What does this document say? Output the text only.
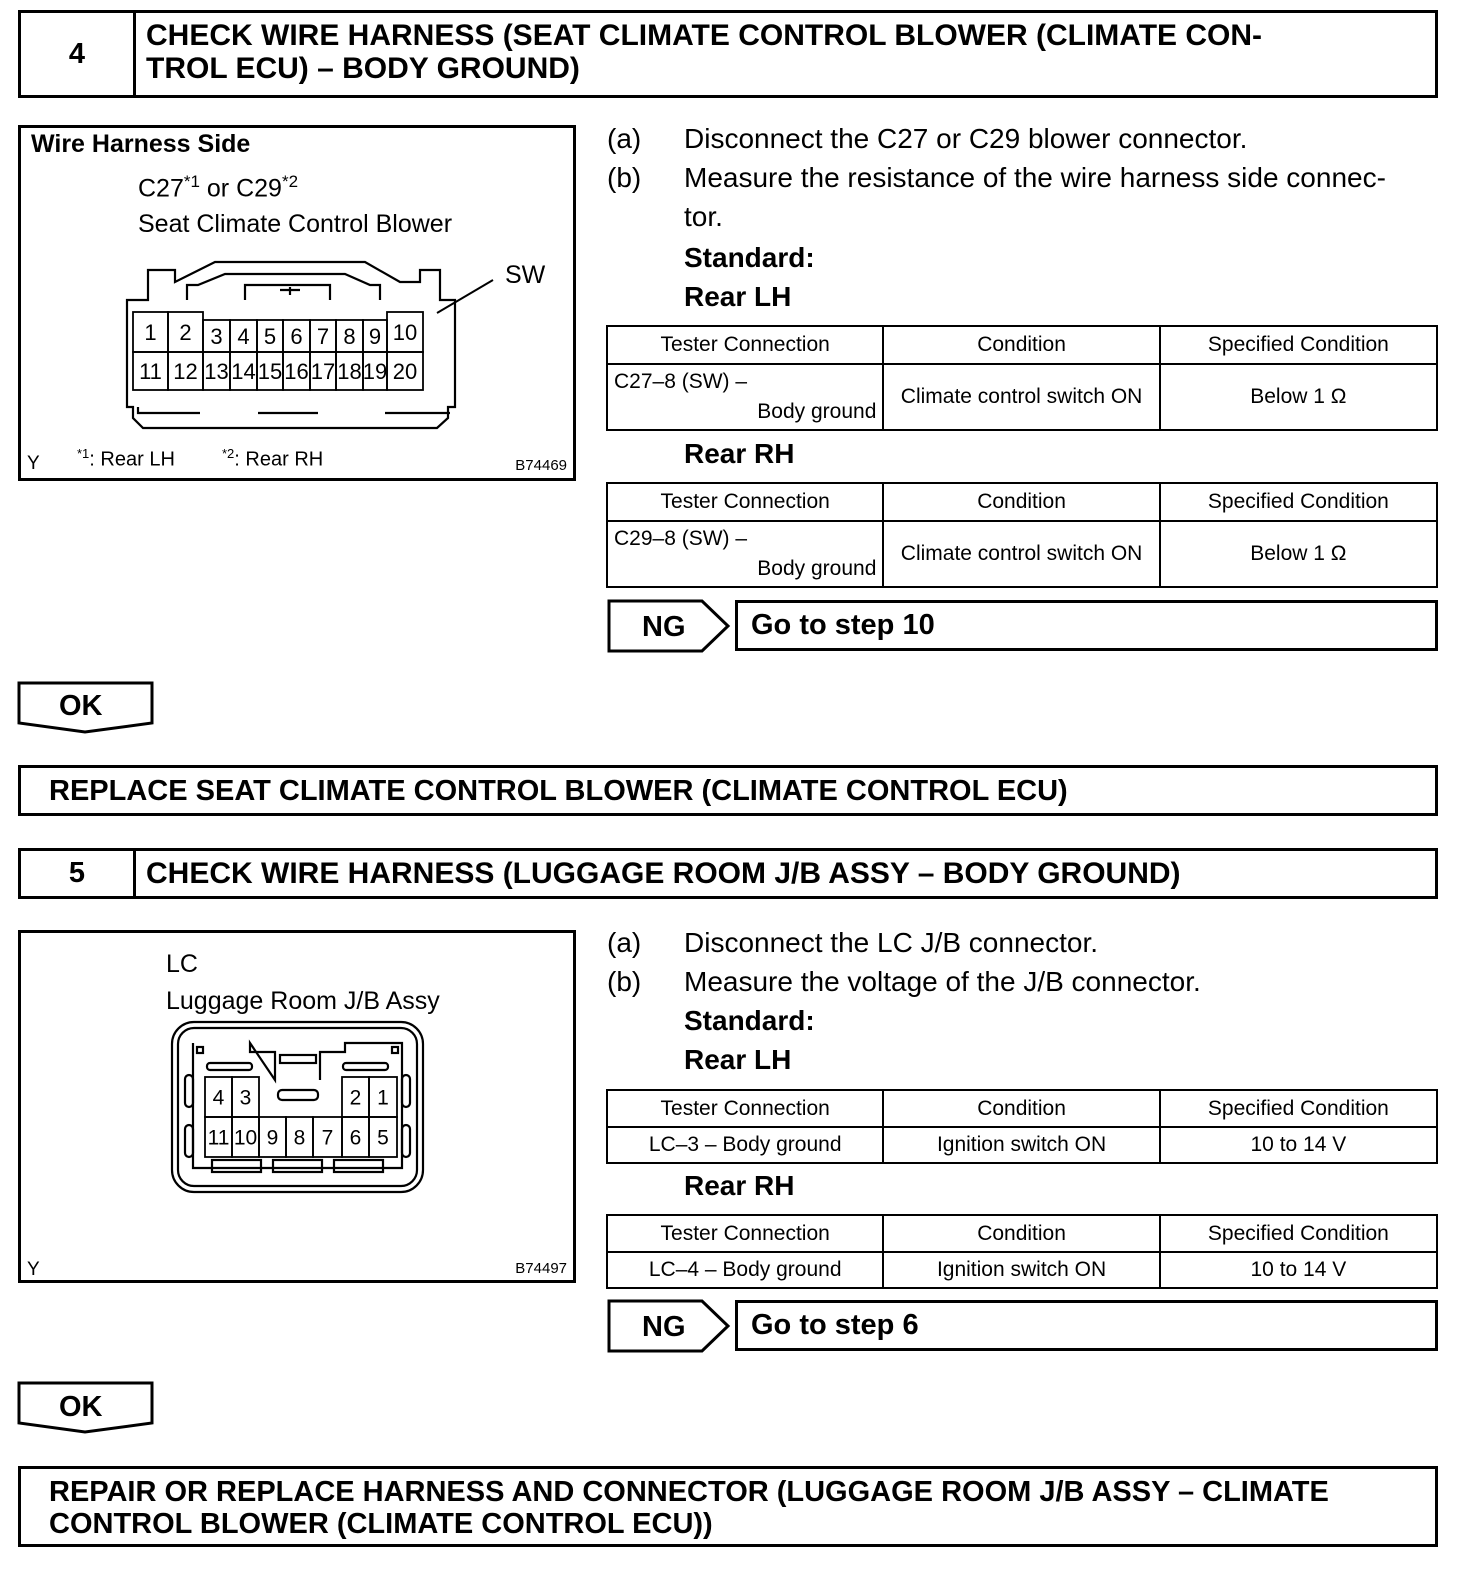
4
CHECK WIRE HARNESS (SEAT CLIMATE CONTROL BLOWER (CLIMATE CON-
TROL ECU) – BODY GROUND)
Wire Harness Side
C27$^{*1}$ or C29$^{*2}$
Seat Climate Control Blower
Y	$^{*1}$: Rear LH	$^{*2}$: Rear RH	B74469
1 2 3 4 5 6 7 8 9 10
11 12 13 14 15 16 17 18 19 20
SW
(a) Disconnect the C27 or C29 blower connector.
(b) Measure the resistance of the wire harness side connec-
tor.
Standard:
Rear LH
Tester Connection	Condition	Specified Condition

C27–8 (SW) –
Body ground	Climate control switch ON	Below 1 Ω
Rear RH
Tester Connection	Condition	Specified Condition

C29–8 (SW) –
Body ground	Climate control switch ON	Below 1 Ω
NG	Go to step 10
OK
REPLACE SEAT CLIMATE CONTROL BLOWER (CLIMATE CONTROL ECU)
5	CHECK WIRE HARNESS (LUGGAGE ROOM J/B ASSY – BODY GROUND)
LC
Luggage Room J/B Assy
Y	B74497
4 3	2 1
11 10 9 8 7 6 5
(a) Disconnect the LC J/B connector.
(b) Measure the voltage of the J/B connector.
Standard:
Rear LH
Tester Connection	Condition	Specified Condition
LC–3 – Body ground	Ignition switch ON	10 to 14 V
Rear RH
Tester Connection	Condition	Specified Condition
LC–4 – Body ground	Ignition switch ON	10 to 14 V
NG	Go to step 6
OK
REPAIR OR REPLACE HARNESS AND CONNECTOR (LUGGAGE ROOM J/B ASSY – CLIMATE
CONTROL BLOWER (CLIMATE CONTROL ECU))
